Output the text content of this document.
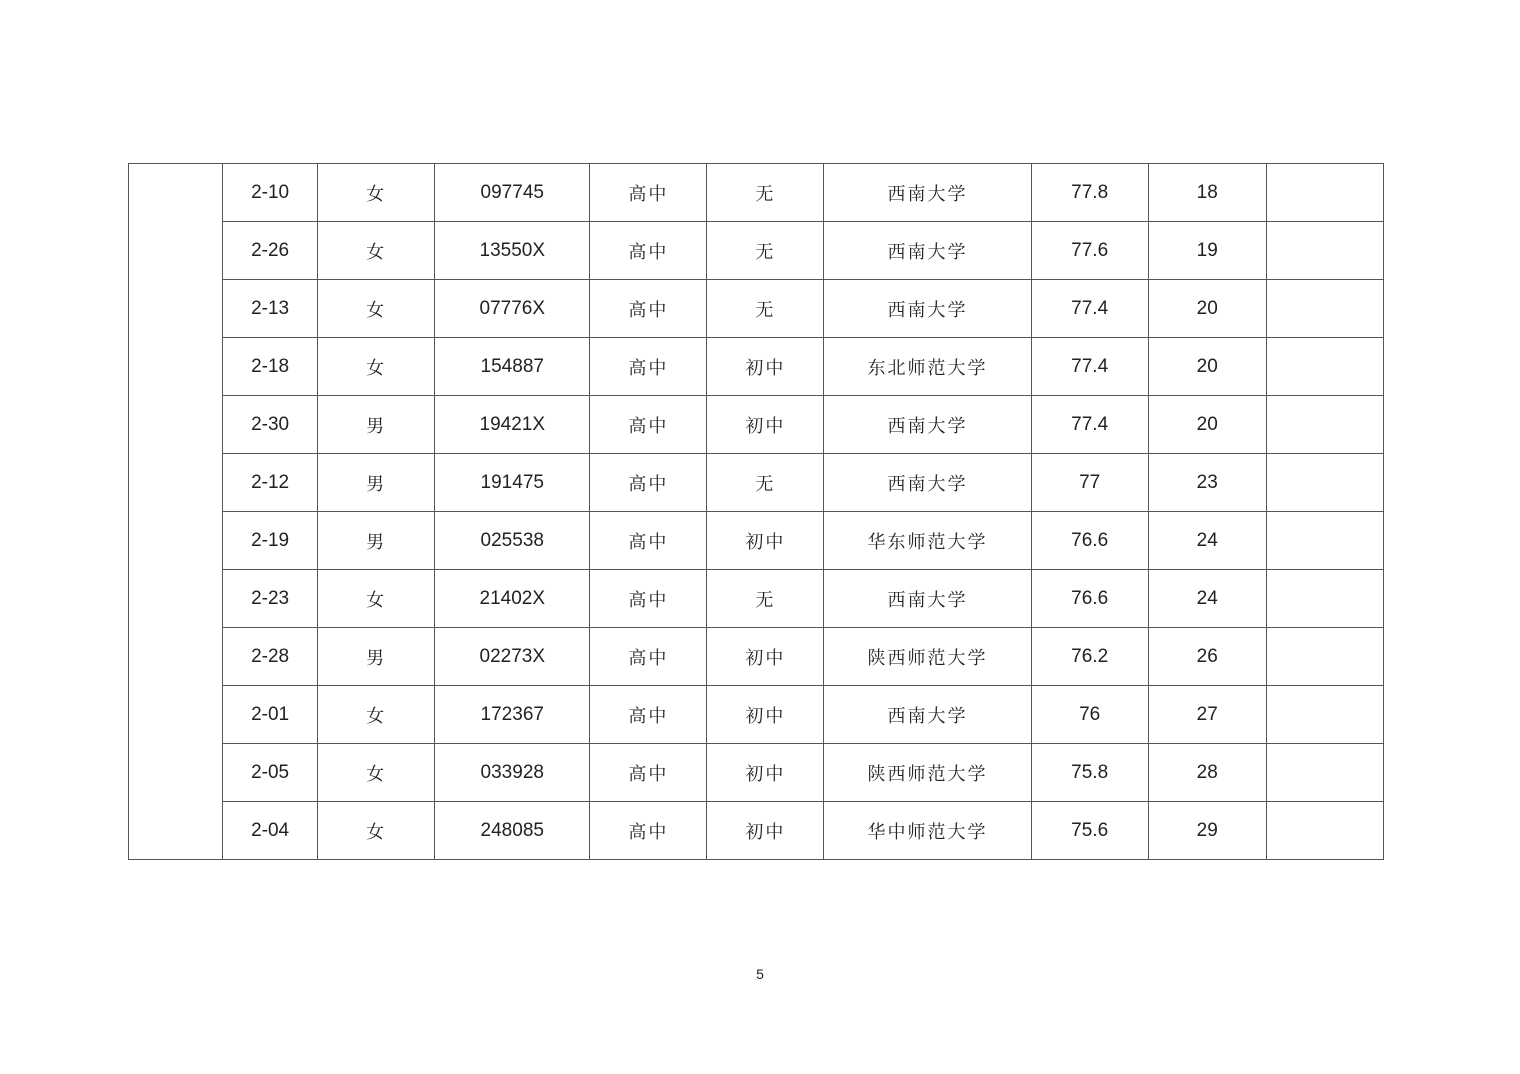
	2-10	女	097745	高中	无	西南大学	77.8	18	
	2-26	女	13550X	高中	无	西南大学	77.6	19	
	2-13	女	07776X	高中	无	西南大学	77.4	20	
	2-18	女	154887	高中	初中	东北师范大学	77.4	20	
	2-30	男	19421X	高中	初中	西南大学	77.4	20	
	2-12	男	191475	高中	无	西南大学	77	23	
	2-19	男	025538	高中	初中	华东师范大学	76.6	24	
	2-23	女	21402X	高中	无	西南大学	76.6	24	
	2-28	男	02273X	高中	初中	陕西师范大学	76.2	26	
	2-01	女	172367	高中	初中	西南大学	76	27	
	2-05	女	033928	高中	初中	陕西师范大学	75.8	28	
	2-04	女	248085	高中	初中	华中师范大学	75.6	29	
5
